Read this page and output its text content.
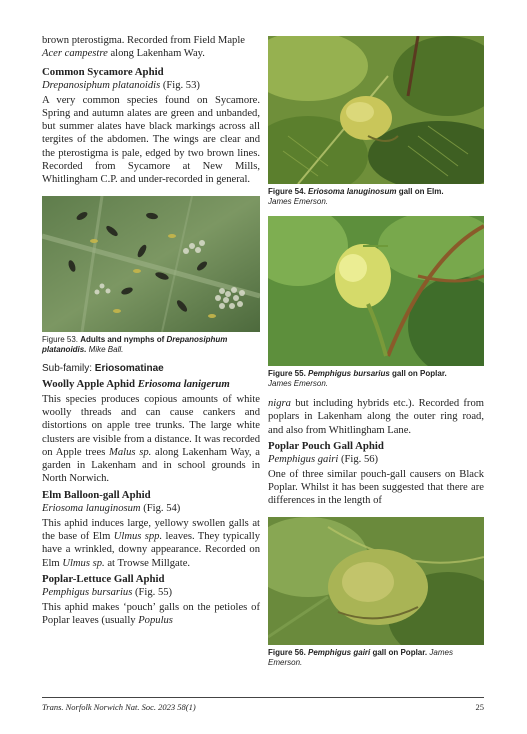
brown pterostigma. Recorded from Field Maple Acer campestre along Lakenham Way.

Common Sycamore Aphid
Drepanosiphum platanoidis (Fig. 53)

A very common species found on Sycamore. Spring and autumn alates are green and unbanded, but summer alates have black markings across all tergites of the abdomen. The wings are clear and the pterostigma is pale, edged by two brown lines. Recorded from Sycamore at New Mills, Whitlingham C.P. and under-recorded in general.

Figure 53. Adults and nymphs of Drepanosiphum platanoidis. Mike Ball.
Sub-family: Eriosomatinae
Woolly Apple Aphid Eriosoma lanigerum

This species produces copious amounts of white woolly threads and can cause cankers and distortions on apple tree trunks. The large white clusters are visible from a distance. It was recorded on Apple trees Malus sp. along Lakenham Way, a garden in Lakenham and in school grounds in North Norwich.

Elm Balloon-gall Aphid
Eriosoma lanuginosum (Fig. 54)

This aphid induces large, yellowy swollen galls at the base of Elm Ulmus spp. leaves. They typically have a wrinkled, downy appearance. Recorded on Elm Ulmus sp. at Trowse Millgate.

Poplar-Lettuce Gall Aphid
Pemphigus bursarius (Fig. 55)

This aphid makes ‘pouch’ galls on the petioles of Poplar leaves (usually Populus

Figure 54. Eriosoma lanuginosum gall on Elm.
James Emerson.
Figure 55. Pemphigus bursarius gall on Poplar.
James Emerson.

nigra but including hybrids etc.). Recorded from poplars in Lakenham along the outer ring road, and also from Whitlingham Lane.

Poplar Pouch Gall Aphid
Pemphigus gairi (Fig. 56)

One of three similar pouch-gall causers on Black Poplar. Whilst it has been suggested that there are differences in the length of

Figure 56. Pemphigus gairi gall on Poplar. James Emerson.
Trans. Norfolk Norwich Nat. Soc. 2023 58(1)	25
